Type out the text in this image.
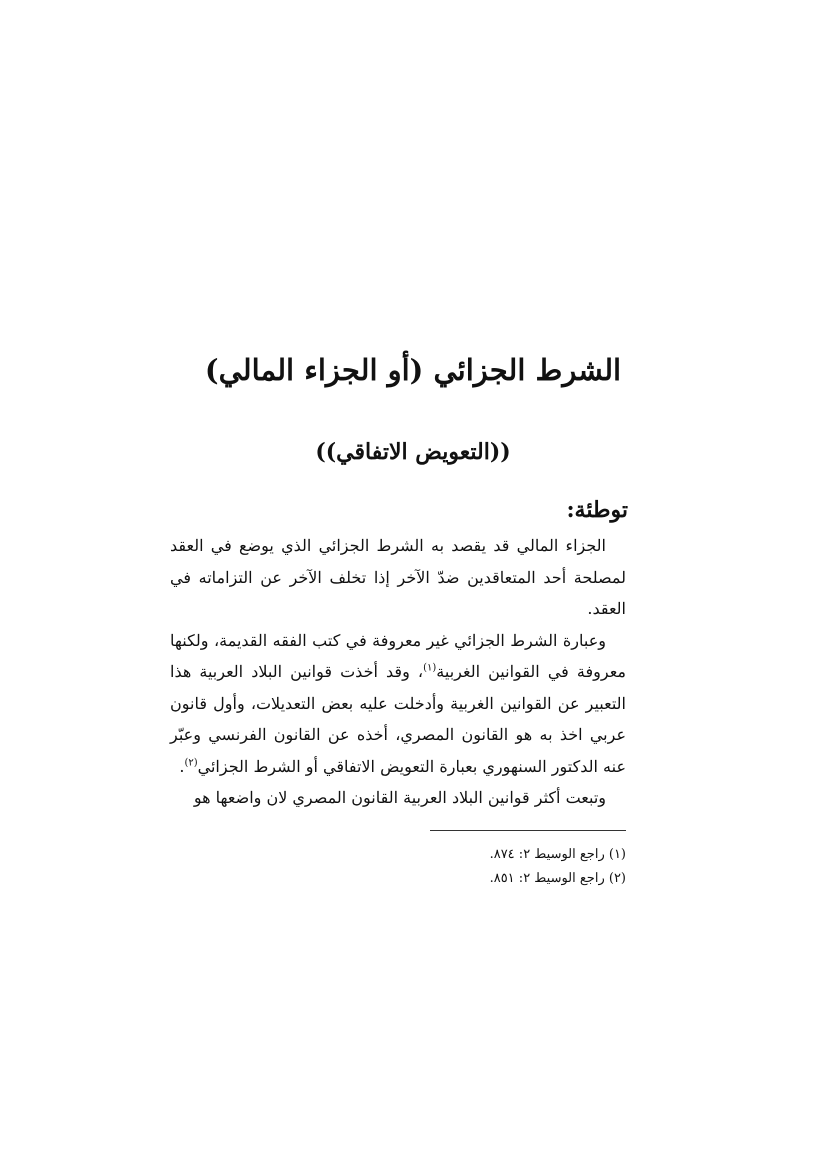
الشرط الجزائي (أو الجزاء المالي)
((التعويض الاتفاقي))
توطئة:

الجزاء المالي قد يقصد به الشرط الجزائي الذي يوضع في العقد لمصلحة أحد المتعاقدين ضدّ الآخر إذا تخلف الآخر عن التزاماته في العقد.

وعبارة الشرط الجزائي غير معروفة في كتب الفقه القديمة، ولكنها معروفة في القوانين الغربية$^{(١)}$، وقد أخذت قوانين البلاد العربية هذا التعبير عن القوانين الغربية وأدخلت عليه بعض التعديلات، وأول قانون عربي اخذ به هو القانون المصري، أخذه عن القانون الفرنسي وعبّر عنه الدكتور السنهوري بعبارة التعويض الاتفاقي أو الشرط الجزائي$^{(٢)}$.

وتبعت أكثر قوانين البلاد العربية القانون المصري لان واضعها هو

(١) راجع الوسيط ٢: ٨٧٤.
(٢) راجع الوسيط ٢: ٨٥١.
